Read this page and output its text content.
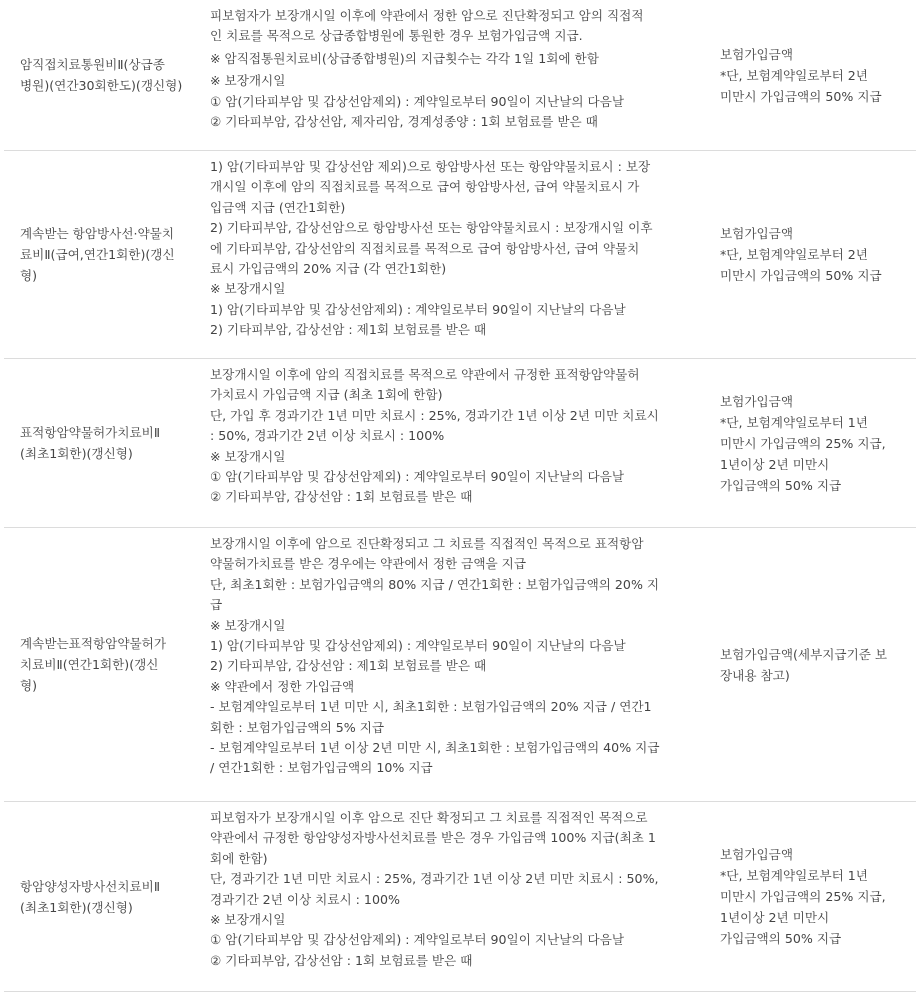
암직접치료통원비Ⅱ(상급종
병원)(연간30회한도)(갱신형)
피보험자가 보장개시일 이후에 약관에서 정한 암으로 진단확정되고 암의 직접적
인 치료를 목적으로 상급종합병원에 통원한 경우 보험가입금액 지급.
※ 암직접통원치료비(상급종합병원)의 지급횟수는 각각 1일 1회에 한함
※ 보장개시일
① 암(기타피부암 및 갑상선암제외) : 계약일로부터 90일이 지난날의 다음날
② 기타피부암, 갑상선암, 제자리암, 경계성종양 : 1회 보험료를 받은 때
보험가입금액
*단, 보험계약일로부터 2년
미만시 가입금액의 50% 지급
계속받는 항암방사선·약물치
료비Ⅱ(급여,연간1회한)(갱신
형)
1) 암(기타피부암 및 갑상선암 제외)으로 항암방사선 또는 항암약물치료시 : 보장
개시일 이후에 암의 직접치료를 목적으로 급여 항암방사선, 급여 약물치료시 가
입금액 지급 (연간1회한)
2) 기타피부암, 갑상선암으로 항암방사선 또는 항암약물치료시 : 보장개시일 이후
에 기타피부암, 갑상선암의 직접치료를 목적으로 급여 항암방사선, 급여 약물치
료시 가입금액의 20% 지급 (각 연간1회한)
※ 보장개시일
1) 암(기타피부암 및 갑상선암제외) : 계약일로부터 90일이 지난날의 다음날
2) 기타피부암, 갑상선암 : 제1회 보험료를 받은 때
보험가입금액
*단, 보험계약일로부터 2년
미만시 가입금액의 50% 지급
표적항암약물허가치료비Ⅱ
(최초1회한)(갱신형)
보장개시일 이후에 암의 직접치료를 목적으로 약관에서 규정한 표적항암약물허
가치료시 가입금액 지급 (최초 1회에 한함)
단, 가입 후 경과기간 1년 미만 치료시 : 25%, 경과기간 1년 이상 2년 미만 치료시
: 50%, 경과기간 2년 이상 치료시 : 100%
※ 보장개시일
① 암(기타피부암 및 갑상선암제외) : 계약일로부터 90일이 지난날의 다음날
② 기타피부암, 갑상선암 : 1회 보험료를 받은 때
보험가입금액
*단, 보험계약일로부터 1년
미만시 가입금액의 25% 지급,
1년이상 2년 미만시
가입금액의 50% 지급
계속받는표적항암약물허가
치료비Ⅱ(연간1회한)(갱신
형)
보장개시일 이후에 암으로 진단확정되고 그 치료를 직접적인 목적으로 표적항암
약물허가치료를 받은 경우에는 약관에서 정한 금액을 지급
단, 최초1회한 : 보험가입금액의 80% 지급 / 연간1회한 : 보험가입금액의 20% 지
급
※ 보장개시일
1) 암(기타피부암 및 갑상선암제외) : 계약일로부터 90일이 지난날의 다음날
2) 기타피부암, 갑상선암 : 제1회 보험료를 받은 때
※ 약관에서 정한 가입금액
- 보험계약일로부터 1년 미만 시, 최초1회한 : 보험가입금액의 20% 지급 / 연간1
회한 : 보험가입금액의 5% 지급
- 보험계약일로부터 1년 이상 2년 미만 시, 최초1회한 : 보험가입금액의 40% 지급
/ 연간1회한 : 보험가입금액의 10% 지급
보험가입금액(세부지급기준 보
장내용 참고)
항암양성자방사선치료비Ⅱ
(최초1회한)(갱신형)
피보험자가 보장개시일 이후 암으로 진단 확정되고 그 치료를 직접적인 목적으로
약관에서 규정한 항암양성자방사선치료를 받은 경우 가입금액 100% 지급(최초 1
회에 한함)
단, 경과기간 1년 미만 치료시 : 25%, 경과기간 1년 이상 2년 미만 치료시 : 50%,
경과기간 2년 이상 치료시 : 100%
※ 보장개시일
① 암(기타피부암 및 갑상선암제외) : 계약일로부터 90일이 지난날의 다음날
② 기타피부암, 갑상선암 : 1회 보험료를 받은 때
보험가입금액
*단, 보험계약일로부터 1년
미만시 가입금액의 25% 지급,
1년이상 2년 미만시
가입금액의 50% 지급
